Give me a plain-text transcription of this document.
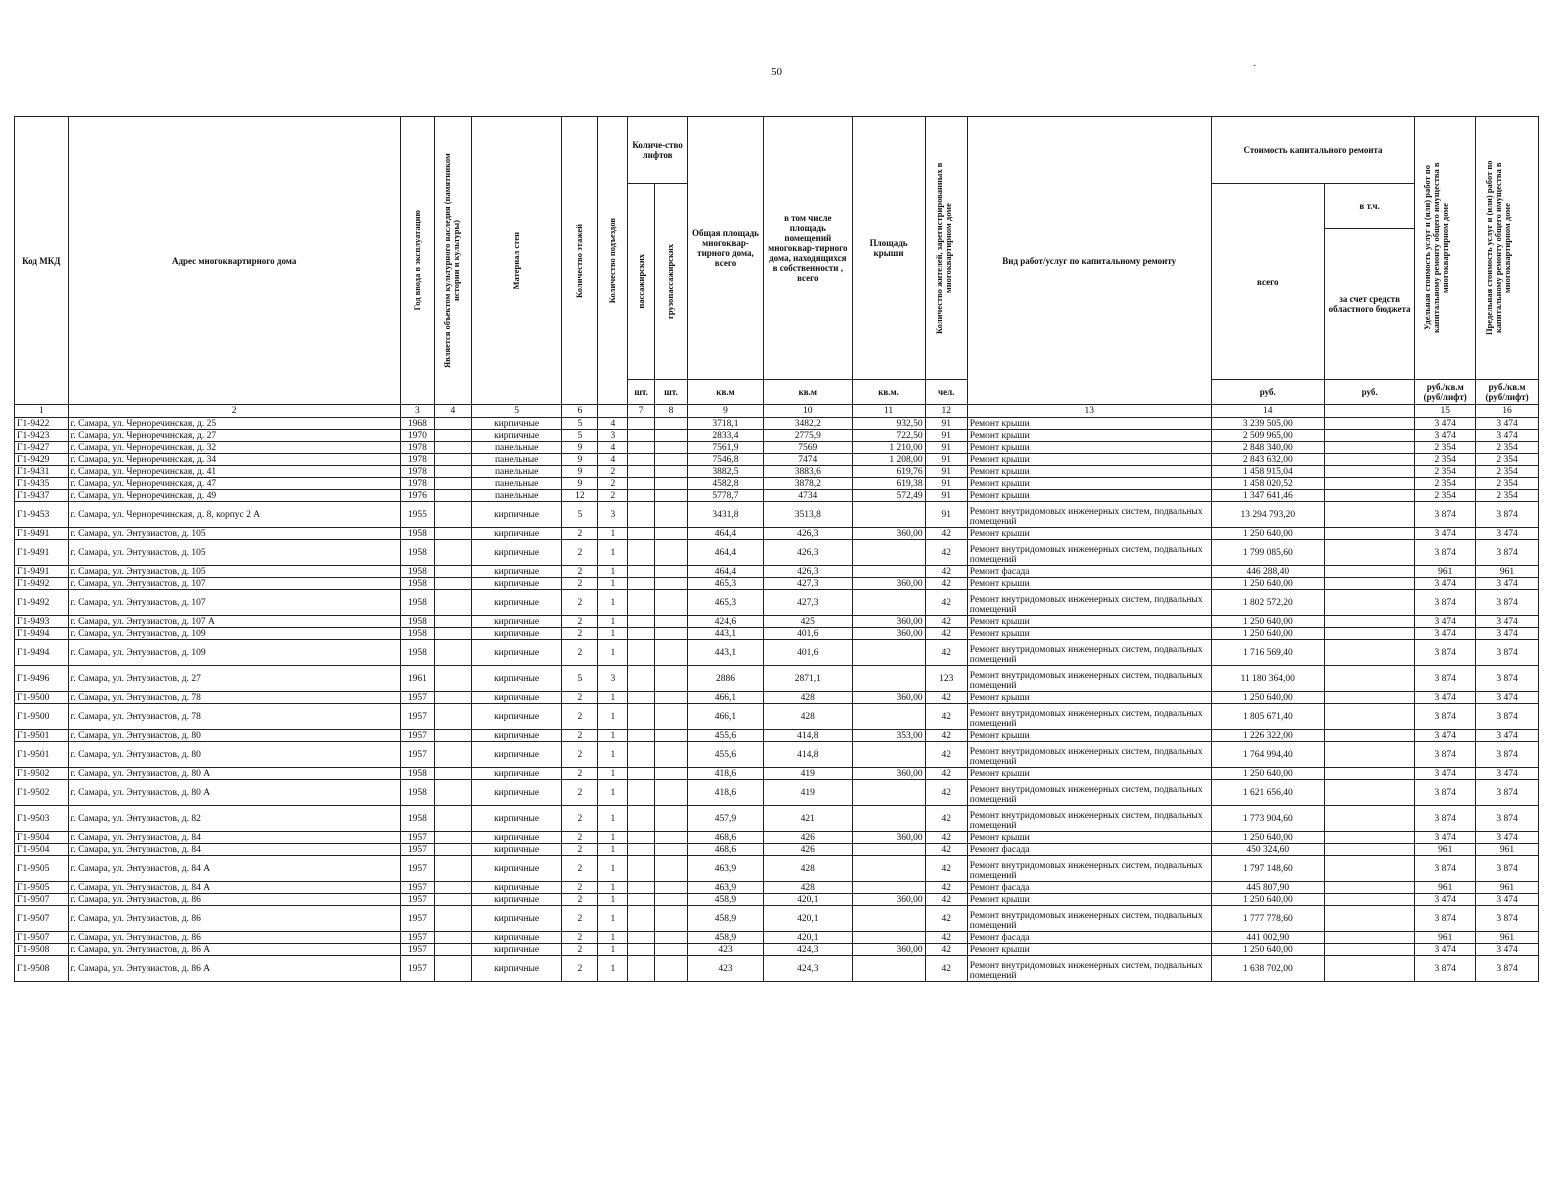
50	·
Код МКД	Адрес многоквартирного дома	Год ввода в эксплуатацию	Является объектом культурного наследия (памятником истории и культуры)	Материал стен	Количество этажей	Количество подъездов	Количе-ство лифтов		Общая площадь многоквар-тирного дома, всего	в том числе площадь помещений многоквар-тирного дома, находящихся в собственности , всего	Площадь крыши	Количество жителей, зарегистрированных в многоквартирном доме	Вид работ/услуг по капитальному ремонту	Стоимость капитального ремонта		Удельная стоимость услуг и (или) работ по капитальному ремонту общего имущества в многоквартирном доме	Предельная стоимость услуг и (или) работ по капитальному ремонту общего имущества в многоквартирном доме

							пассажирских	грузопассажирских						всего	в т.ч.		
															за счет средств областного бюджета		
							шт.	шт.	кв.м	кв.м	кв.м.	чел.		руб.	руб.	руб./кв.м (руб/лифт)	руб./кв.м (руб/лифт)
1	2	3	4	5	6		7	8	9	10	11	12	13	14		15	16
Г1-9422	г. Самара, ул. Черноречинская, д. 25	1968		кирпичные	5	4			3718,1	3482,2	932,50	91	Ремонт крыши	3 239 505,00		3 474	3 474
Г1-9423	г. Самара, ул. Черноречинская, д. 27	1970		кирпичные	5	3			2833,4	2775,9	722,50	91	Ремонт крыши	2 509 965,00		3 474	3 474
Г1-9427	г. Самара, ул. Черноречинская, д. 32	1978		панельные	9	4			7561,9	7569	1 210,00	91	Ремонт крыши	2 848 340,00		2 354	2 354
Г1-9429	г. Самара, ул. Черноречинская, д. 34	1978		панельные	9	4			7546,8	7474	1 208,00	91	Ремонт крыши	2 843 632,00		2 354	2 354
Г1-9431	г. Самара, ул. Черноречинская, д. 41	1978		панельные	9	2			3882,5	3883,6	619,76	91	Ремонт крыши	1 458 915,04		2 354	2 354
Г1-9435	г. Самара, ул. Черноречинская, д. 47	1978		панельные	9	2			4582,8	3878,2	619,38	91	Ремонт крыши	1 458 020,52		2 354	2 354
Г1-9437	г. Самара, ул. Черноречинская, д. 49	1976		панельные	12	2			5778,7	4734	572,49	91	Ремонт крыши	1 347 641,46		2 354	2 354
Г1-9453	г. Самара, ул. Черноречинская, д. 8, корпус 2 А	1955		кирпичные	5	3			3431,8	3513,8		91	Ремонт внутридомовых инженерных систем, подвальных помещений	13 294 793,20		3 874	3 874
Г1-9491	г. Самара, ул. Энтузиастов, д. 105	1958		кирпичные	2	1			464,4	426,3	360,00	42	Ремонт крыши	1 250 640,00		3 474	3 474
Г1-9491	г. Самара, ул. Энтузиастов, д. 105	1958		кирпичные	2	1			464,4	426,3		42	Ремонт внутридомовых инженерных систем, подвальных помещений	1 799 085,60		3 874	3 874
Г1-9491	г. Самара, ул. Энтузиастов, д. 105	1958		кирпичные	2	1			464,4	426,3		42	Ремонт фасада	446 288,40		961	961
Г1-9492	г. Самара, ул. Энтузиастов, д. 107	1958		кирпичные	2	1			465,3	427,3	360,00	42	Ремонт крыши	1 250 640,00		3 474	3 474
Г1-9492	г. Самара, ул. Энтузиастов, д. 107	1958		кирпичные	2	1			465,3	427,3		42	Ремонт внутридомовых инженерных систем, подвальных помещений	1 802 572,20		3 874	3 874
Г1-9493	г. Самара, ул. Энтузиастов, д. 107 А	1958		кирпичные	2	1			424,6	425	360,00	42	Ремонт крыши	1 250 640,00		3 474	3 474
Г1-9494	г. Самара, ул. Энтузиастов, д. 109	1958		кирпичные	2	1			443,1	401,6	360,00	42	Ремонт крыши	1 250 640,00		3 474	3 474
Г1-9494	г. Самара, ул. Энтузиастов, д. 109	1958		кирпичные	2	1			443,1	401,6		42	Ремонт внутридомовых инженерных систем, подвальных помещений	1 716 569,40		3 874	3 874
Г1-9496	г. Самара, ул. Энтузиастов, д. 27	1961		кирпичные	5	3			2886	2871,1		123	Ремонт внутридомовых инженерных систем, подвальных помещений	11 180 364,00		3 874	3 874
Г1-9500	г. Самара, ул. Энтузиастов, д. 78	1957		кирпичные	2	1			466,1	428	360,00	42	Ремонт крыши	1 250 640,00		3 474	3 474
Г1-9500	г. Самара, ул. Энтузиастов, д. 78	1957		кирпичные	2	1			466,1	428		42	Ремонт внутридомовых инженерных систем, подвальных помещений	1 805 671,40		3 874	3 874
Г1-9501	г. Самара, ул. Энтузиастов, д. 80	1957		кирпичные	2	1			455,6	414,8	353,00	42	Ремонт крыши	1 226 322,00		3 474	3 474
Г1-9501	г. Самара, ул. Энтузиастов, д. 80	1957		кирпичные	2	1			455,6	414,8		42	Ремонт внутридомовых инженерных систем, подвальных помещений	1 764 994,40		3 874	3 874
Г1-9502	г. Самара, ул. Энтузиастов, д. 80 А	1958		кирпичные	2	1			418,6	419	360,00	42	Ремонт крыши	1 250 640,00		3 474	3 474
Г1-9502	г. Самара, ул. Энтузиастов, д. 80 А	1958		кирпичные	2	1			418,6	419		42	Ремонт внутридомовых инженерных систем, подвальных помещений	1 621 656,40		3 874	3 874
Г1-9503	г. Самара, ул. Энтузиастов, д. 82	1958		кирпичные	2	1			457,9	421		42	Ремонт внутридомовых инженерных систем, подвальных помещений	1 773 904,60		3 874	3 874
Г1-9504	г. Самара, ул. Энтузиастов, д. 84	1957		кирпичные	2	1			468,6	426	360,00	42	Ремонт крыши	1 250 640,00		3 474	3 474
Г1-9504	г. Самара, ул. Энтузиастов, д. 84	1957		кирпичные	2	1			468,6	426		42	Ремонт фасада	450 324,60		961	961
Г1-9505	г. Самара, ул. Энтузиастов, д. 84 А	1957		кирпичные	2	1			463,9	428		42	Ремонт внутридомовых инженерных систем, подвальных помещений	1 797 148,60		3 874	3 874
Г1-9505	г. Самара, ул. Энтузиастов, д. 84 А	1957		кирпичные	2	1			463,9	428		42	Ремонт фасада	445 807,90		961	961
Г1-9507	г. Самара, ул. Энтузиастов, д. 86	1957		кирпичные	2	1			458,9	420,1	360,00	42	Ремонт крыши	1 250 640,00		3 474	3 474
Г1-9507	г. Самара, ул. Энтузиастов, д. 86	1957		кирпичные	2	1			458,9	420,1		42	Ремонт внутридомовых инженерных систем, подвальных помещений	1 777 778,60		3 874	3 874
Г1-9507	г. Самара, ул. Энтузиастов, д. 86	1957		кирпичные	2	1			458,9	420,1		42	Ремонт фасада	441 002,90		961	961
Г1-9508	г. Самара, ул. Энтузиастов, д. 86 А	1957		кирпичные	2	1			423	424,3	360,00	42	Ремонт крыши	1 250 640,00		3 474	3 474
Г1-9508	г. Самара, ул. Энтузиастов, д. 86 А	1957		кирпичные	2	1			423	424,3		42	Ремонт внутридомовых инженерных систем, подвальных помещений	1 638 702,00		3 874	3 874
